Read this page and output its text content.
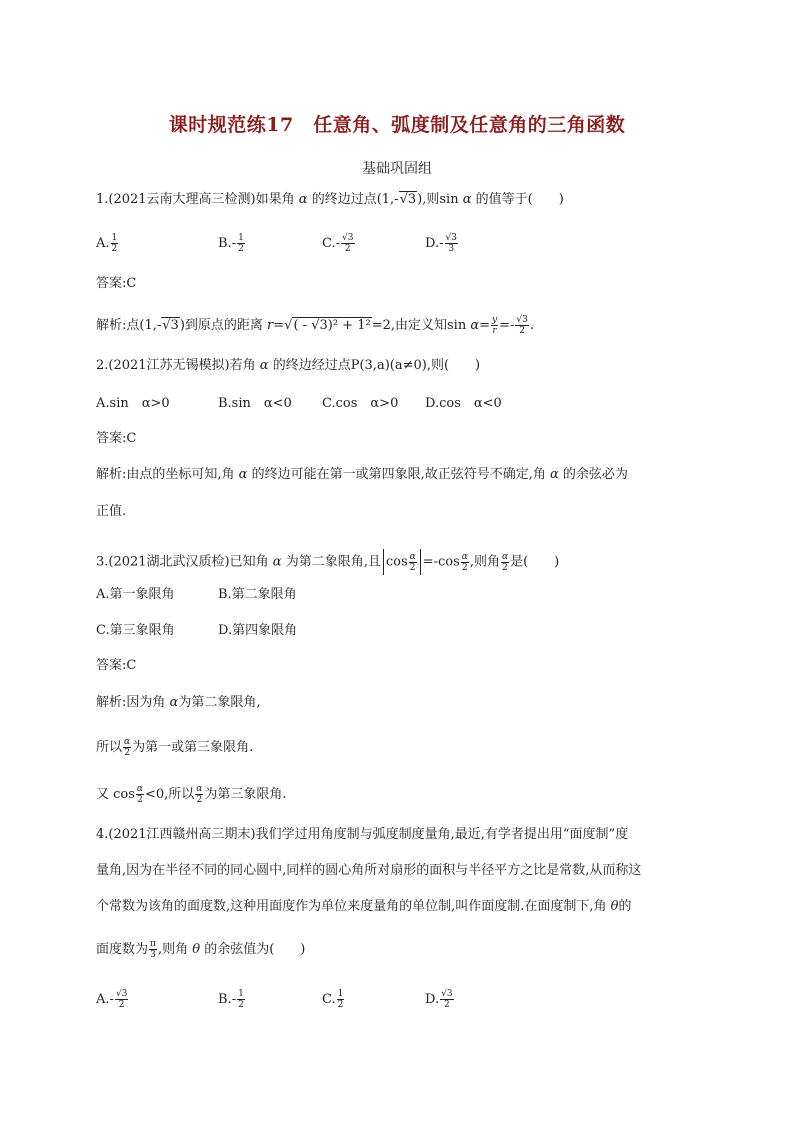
课时规范练17　任意角、弧度制及任意角的三角函数
基础巩固组
1.(2021云南大理高三检测)如果角 α 的终边过点(1,-√3),则sin α 的值等于(　　)
A. $\frac{1}{2}$	$B.- \frac{1}{2}$	$C.- \frac{√3}{2}$	$D.- \frac{√3}{3}$
答案:C
解析:点(1,-√3)到原点的距离 r=√( - √3)² + 1²=2,由定义知$\sin \alpha= \frac{y}{r} =- \frac{√3}{2}$ .
2.(2021江苏无锡模拟)若角 α 的终边经过点P(3,a)(a≠0),则(　　)
A.sin　α>0	B.sin　α<0 C.cos　α>0 D.cos　α<0
答案:C
解析:由点的坐标可知,角 α 的终边可能在第一或第四象限,故正弦符号不确定,角 α 的余弦必为
正值.
3.(2021湖北武汉质检)已知角 α 为第二象限角,且 $\cos \frac{\alpha}{2} =-\cos \frac{\alpha}{2}$ ,则角 $\frac{\alpha}{2}$ 是(　　)
A.第一象限角	B.第二象限角
C.第三象限角	D.第四象限角
答案:C
解析:因为角 α为第二象限角,
所以 $\frac{\alpha}{2}$ 为第一或第三象限角.
又 $\cos \frac{\alpha}{2} <0$,所以 $\frac{\alpha}{2}$ 为第三象限角.
4.(2021江西赣州高三期末)我们学过用角度制与弧度制度量角,最近,有学者提出用“面度制”度
量角,因为在半径不同的同心圆中,同样的圆心角所对扇形的面积与半径平方之比是常数,从而称这
个常数为该角的面度数,这种用面度作为单位来度量角的单位制,叫作面度制.在面度制下,角 θ的
面度数为 $\frac{\pi}{3}$ ,则角 θ 的余弦值为(　　)
$A.- \frac{√3}{2}$	$B.- \frac{1}{2}$	C. $\frac{1}{2}$	D. $\frac{√3}{2}$
